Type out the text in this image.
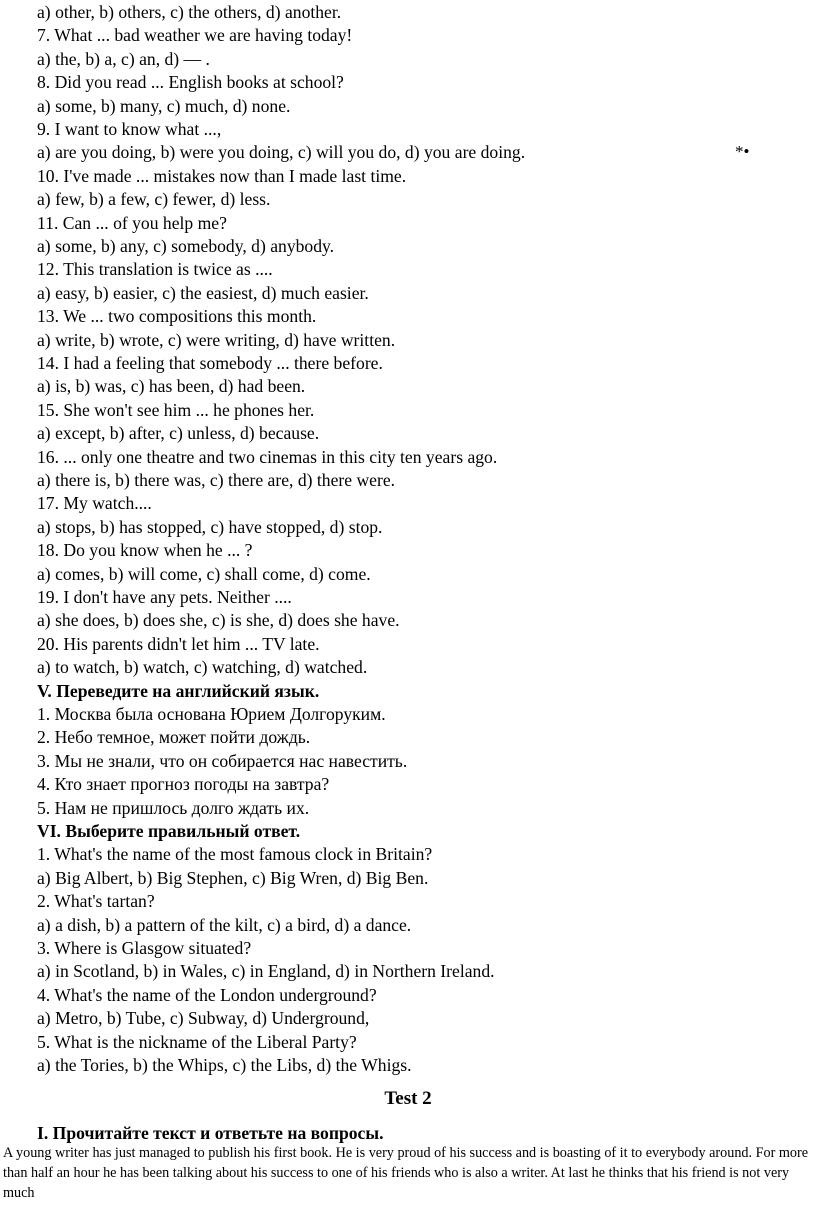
a) other, b) others, c) the others, d) another.
7. What ... bad weather we are having today!
a) the, b) a, c) an, d) — .
8. Did you read ... English books at school?
a) some, b) many, c) much, d) none.
9. I want to know what ...,
a) are you doing, b) were you doing, c) will you do, d) you are doing.
10. I've made ... mistakes now than I made last time.
a) few, b) a few, c) fewer, d) less.
11. Can ... of you help me?
a) some, b) any, c) somebody, d) anybody.
12. This translation is twice as ....
a) easy, b) easier, c) the easiest, d) much easier.
13. We ... two compositions this month.
a) write, b) wrote, c) were writing, d) have written.
14. I had a feeling that somebody ... there before.
a) is, b) was, c) has been, d) had been.
15. She won't see him ... he phones her.
a) except, b) after, c) unless, d) because.
16. ... only one theatre and two cinemas in this city ten years ago.
a) there is, b) there was, c) there are, d) there were.
17. My watch....
a) stops, b) has stopped, c) have stopped, d) stop.
18. Do you know when he ... ?
a) comes, b) will come, c) shall come, d) come.
19. I don't have any pets. Neither ....
a) she does, b) does she, c) is she, d) does she have.
20. His parents didn't let him ... TV late.
a) to watch, b) watch, c) watching, d) watched.
V. Переведите на английский язык.
1. Москва была основана Юрием Долгоруким.
2. Небо темное, может пойти дождь.
3. Мы не знали, что он собирается нас навестить.
4. Кто знает прогноз погоды на завтра?
5. Нам не пришлось долго ждать их.
VI. Выберите правильный ответ.
1. What's the name of the most famous clock in Britain?
a) Big Albert, b) Big Stephen, c) Big Wren, d) Big Ben.
2. What's tartan?
a) a dish, b) a pattern of the kilt, c) a bird, d) a dance.
3. Where is Glasgow situated?
a) in Scotland, b) in Wales, c) in England, d) in Northern Ireland.
4. What's the name of the London underground?
a) Metro, b) Tube, c) Subway, d) Underground,
5. What is the nickname of the Liberal Party?
a) the Tories, b) the Whips, c) the Libs, d) the Whigs.
*•
Test 2
I. Прочитайте текст и ответьте на вопросы.
A young writer has just managed to publish his first book. He is very proud of his success and is boasting of it to everybody around. For more than half an hour he has been talking about his success to one of his friends who is also a writer. At last he thinks that his friend is not very much
